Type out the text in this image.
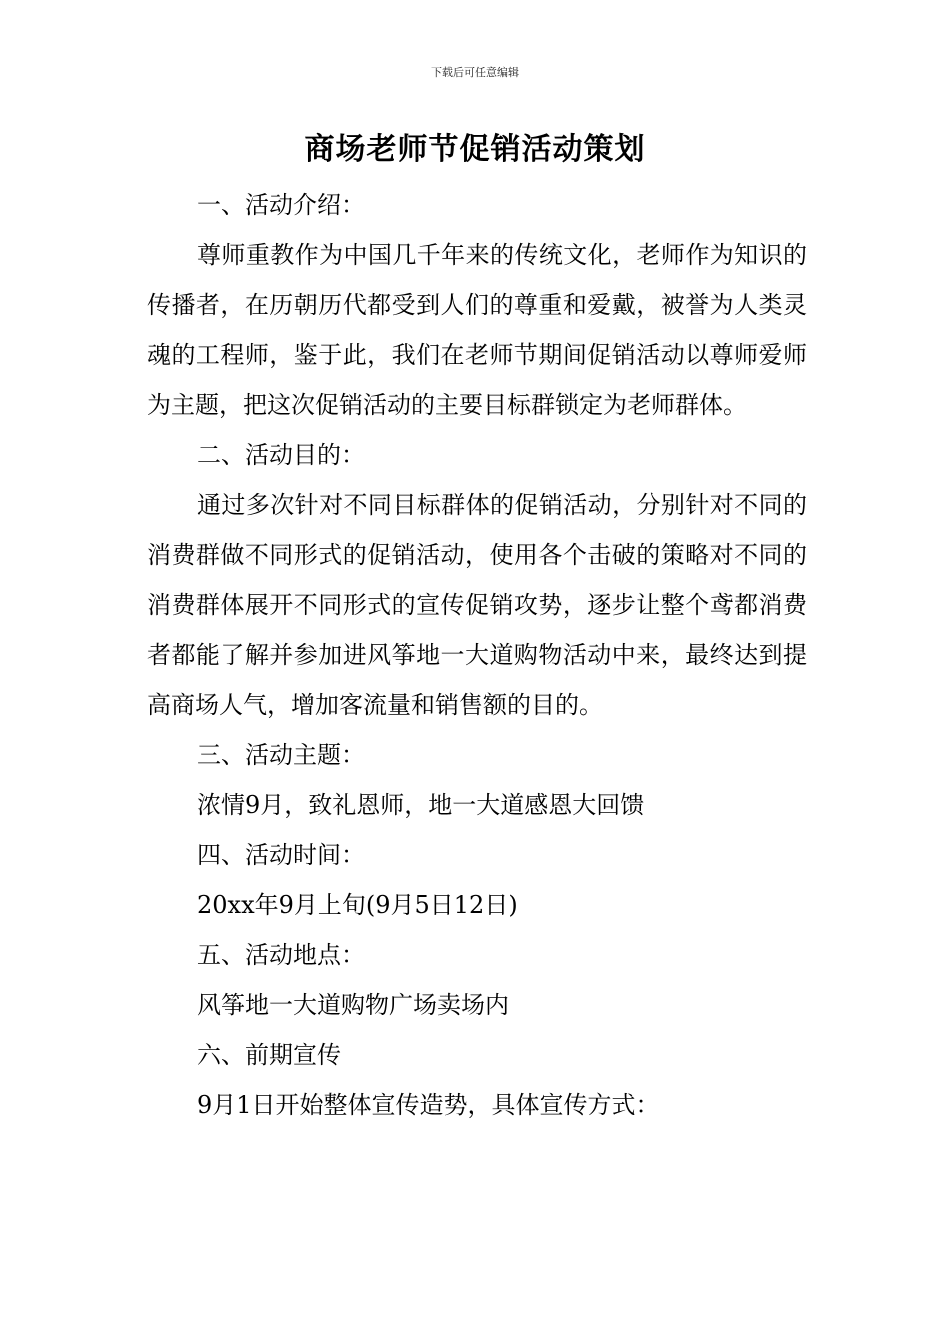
下载后可任意编辑
商场老师节促销活动策划

一、活动介绍：

尊师重教作为中国几千年来的传统文化，老师作为知识的传播者，在历朝历代都受到人们的尊重和爱戴，被誉为人类灵魂的工程师，鉴于此，我们在老师节期间促销活动以尊师爱师为主题，把这次促销活动的主要目标群锁定为老师群体。

二、活动目的：

通过多次针对不同目标群体的促销活动，分别针对不同的消费群做不同形式的促销活动，使用各个击破的策略对不同的消费群体展开不同形式的宣传促销攻势，逐步让整个鸢都消费者都能了解并参加进风筝地一大道购物活动中来，最终达到提高商场人气，增加客流量和销售额的目的。

三、活动主题：

浓情9月，致礼恩师，地一大道感恩大回馈

四、活动时间：

20xx年9月上旬(9月5日12日)

五、活动地点：

风筝地一大道购物广场卖场内

六、前期宣传

9月1日开始整体宣传造势，具体宣传方式：
